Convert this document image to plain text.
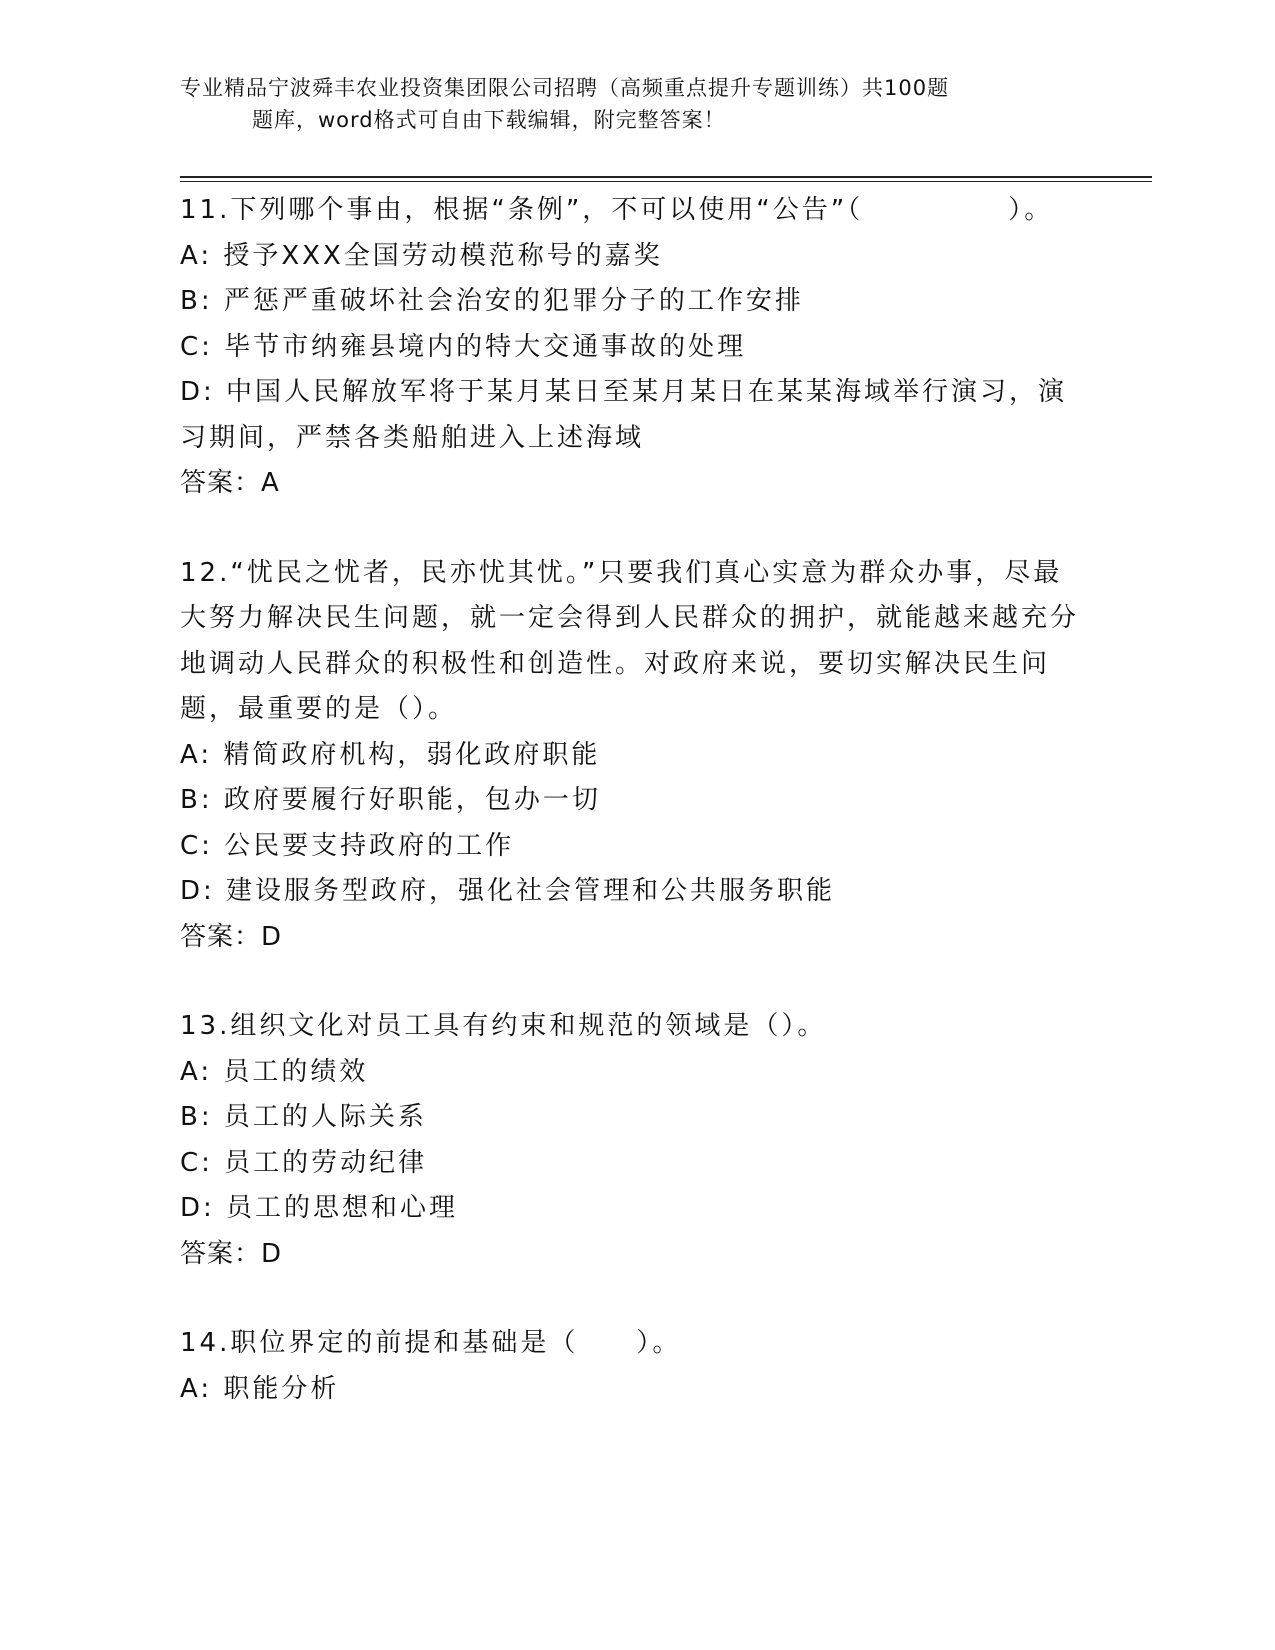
专业精品宁波舜丰农业投资集团限公司招聘（高频重点提升专题训练）共100题
题库，word格式可自由下载编辑，附完整答案！
11.下列哪个事由，根据“条例”，不可以使用“公告”（　　　　　）。
A: 授予XXX全国劳动模范称号的嘉奖
B: 严惩严重破坏社会治安的犯罪分子的工作安排
C: 毕节市纳雍县境内的特大交通事故的处理
D: 中国人民解放军将于某月某日至某月某日在某某海域举行演习，演习期间，严禁各类船舶进入上述海域
答案：A
12.“忧民之忧者，民亦忧其忧。”只要我们真心实意为群众办事，尽最大努力解决民生问题，就一定会得到人民群众的拥护，就能越来越充分地调动人民群众的积极性和创造性。对政府来说，要切实解决民生问题，最重要的是（）。
A: 精简政府机构，弱化政府职能
B: 政府要履行好职能，包办一切
C: 公民要支持政府的工作
D: 建设服务型政府，强化社会管理和公共服务职能
答案：D
13.组织文化对员工具有约束和规范的领域是（）。
A: 员工的绩效
B: 员工的人际关系
C: 员工的劳动纪律
D: 员工的思想和心理
答案：D
14.职位界定的前提和基础是（　　）。
A: 职能分析
